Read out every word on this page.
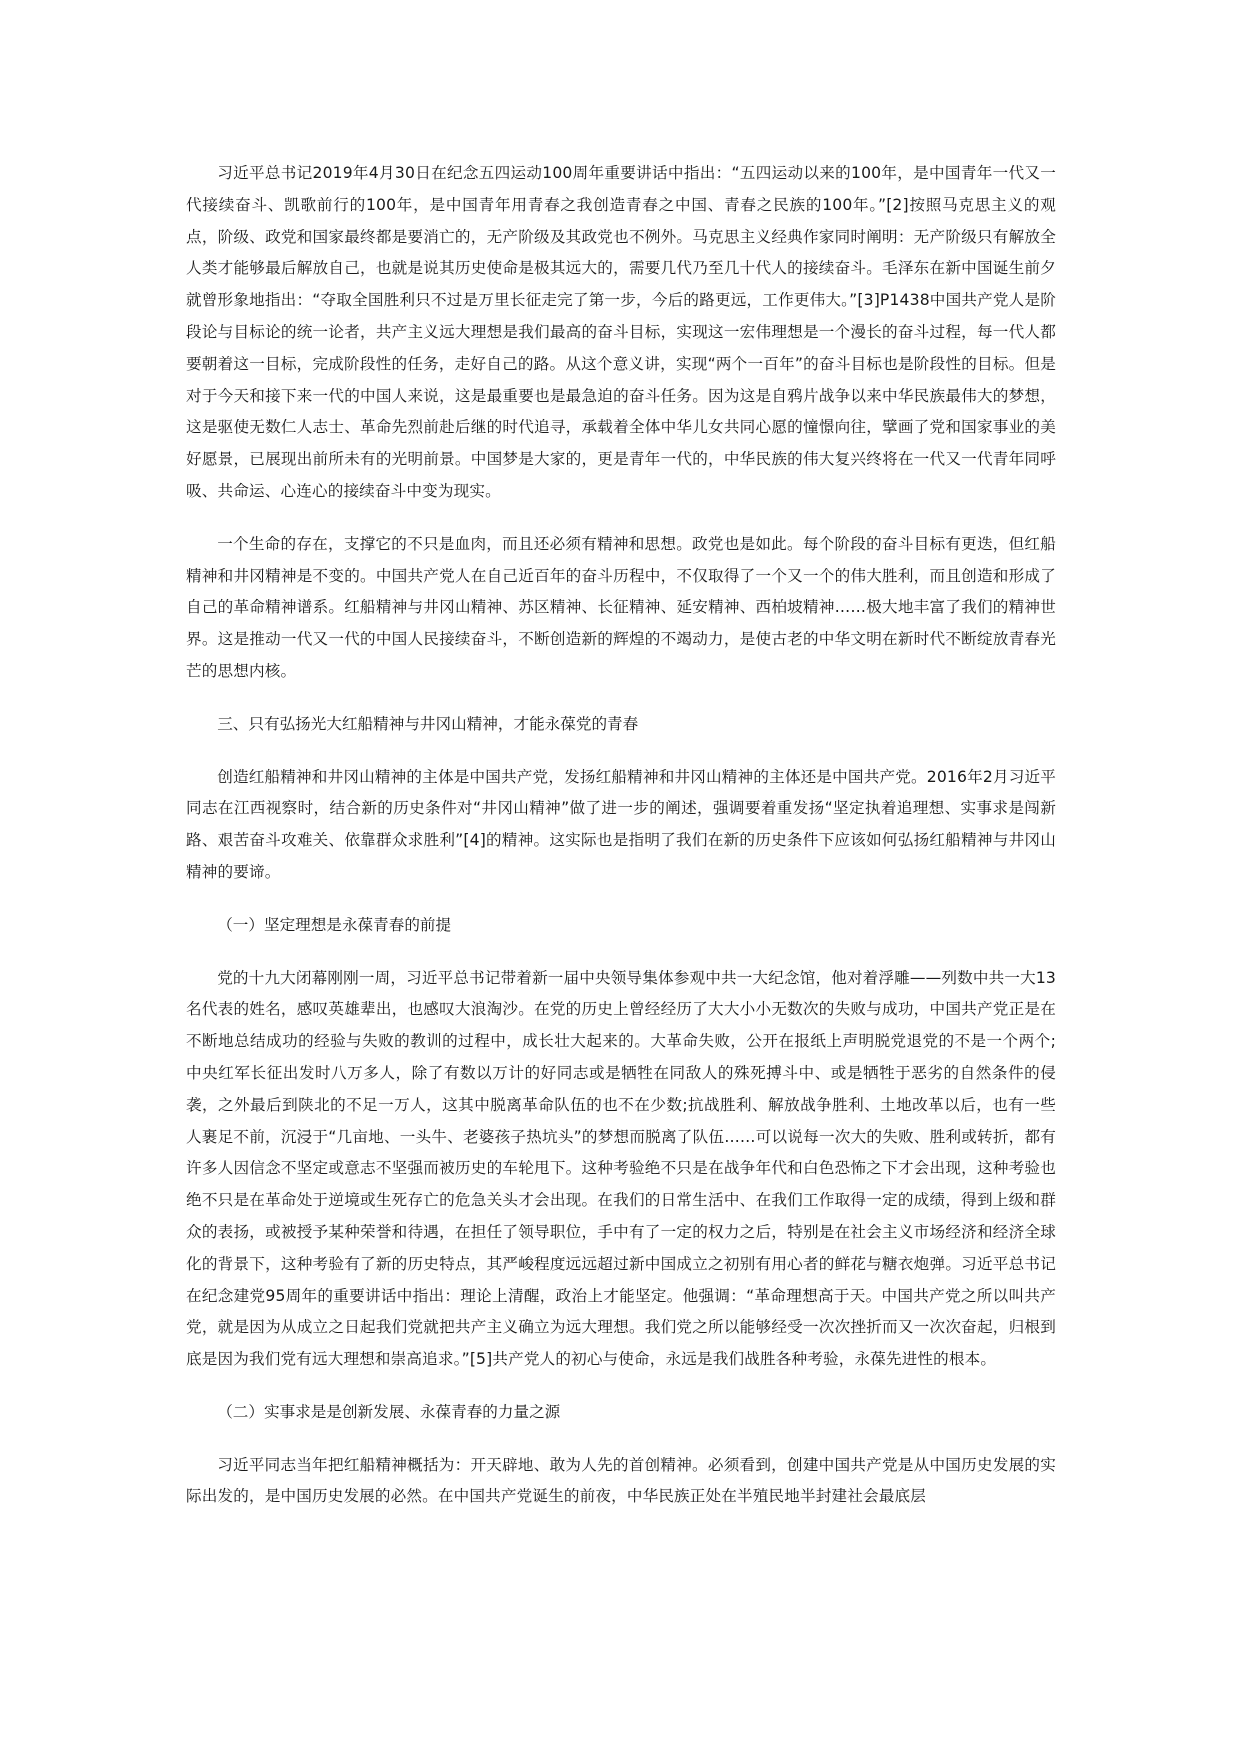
习近平总书记2019年4月30日在纪念五四运动100周年重要讲话中指出：“五四运动以来的100年，是中国青年一代又一代接续奋斗、凯歌前行的100年，是中国青年用青春之我创造青春之中国、青春之民族的100年。”[2]按照马克思主义的观点，阶级、政党和国家最终都是要消亡的，无产阶级及其政党也不例外。马克思主义经典作家同时阐明：无产阶级只有解放全人类才能够最后解放自己，也就是说其历史使命是极其远大的，需要几代乃至几十代人的接续奋斗。毛泽东在新中国诞生前夕就曾形象地指出：“夺取全国胜利只不过是万里长征走完了第一步，今后的路更远，工作更伟大。”[3]P1438中国共产党人是阶段论与目标论的统一论者，共产主义远大理想是我们最高的奋斗目标，实现这一宏伟理想是一个漫长的奋斗过程，每一代人都要朝着这一目标，完成阶段性的任务，走好自己的路。从这个意义讲，实现“两个一百年”的奋斗目标也是阶段性的目标。但是对于今天和接下来一代的中国人来说，这是最重要也是最急迫的奋斗任务。因为这是自鸦片战争以来中华民族最伟大的梦想，这是驱使无数仁人志士、革命先烈前赴后继的时代追寻，承载着全体中华儿女共同心愿的憧憬向往，擘画了党和国家事业的美好愿景，已展现出前所未有的光明前景。中国梦是大家的，更是青年一代的，中华民族的伟大复兴终将在一代又一代青年同呼吸、共命运、心连心的接续奋斗中变为现实。

一个生命的存在，支撑它的不只是血肉，而且还必须有精神和思想。政党也是如此。每个阶段的奋斗目标有更迭，但红船精神和井冈精神是不变的。中国共产党人在自己近百年的奋斗历程中，不仅取得了一个又一个的伟大胜利，而且创造和形成了自己的革命精神谱系。红船精神与井冈山精神、苏区精神、长征精神、延安精神、西柏坡精神……极大地丰富了我们的精神世界。这是推动一代又一代的中国人民接续奋斗，不断创造新的辉煌的不竭动力，是使古老的中华文明在新时代不断绽放青春光芒的思想内核。

三、只有弘扬光大红船精神与井冈山精神，才能永葆党的青春

创造红船精神和井冈山精神的主体是中国共产党，发扬红船精神和井冈山精神的主体还是中国共产党。2016年2月习近平同志在江西视察时，结合新的历史条件对“井冈山精神”做了进一步的阐述，强调要着重发扬“坚定执着追理想、实事求是闯新路、艰苦奋斗攻难关、依靠群众求胜利”[4]的精神。这实际也是指明了我们在新的历史条件下应该如何弘扬红船精神与井冈山精神的要谛。

（一）坚定理想是永葆青春的前提

党的十九大闭幕刚刚一周，习近平总书记带着新一届中央领导集体参观中共一大纪念馆，他对着浮雕——列数中共一大13名代表的姓名，感叹英雄辈出，也感叹大浪淘沙。在党的历史上曾经经历了大大小小无数次的失败与成功，中国共产党正是在不断地总结成功的经验与失败的教训的过程中，成长壮大起来的。大革命失败，公开在报纸上声明脱党退党的不是一个两个;中央红军长征出发时八万多人，除了有数以万计的好同志或是牺牲在同敌人的殊死搏斗中、或是牺牲于恶劣的自然条件的侵袭，之外最后到陕北的不足一万人，这其中脱离革命队伍的也不在少数;抗战胜利、解放战争胜利、土地改革以后，也有一些人裹足不前，沉浸于“几亩地、一头牛、老婆孩子热坑头”的梦想而脱离了队伍……可以说每一次大的失败、胜利或转折，都有许多人因信念不坚定或意志不坚强而被历史的车轮甩下。这种考验绝不只是在战争年代和白色恐怖之下才会出现，这种考验也绝不只是在革命处于逆境或生死存亡的危急关头才会出现。在我们的日常生活中、在我们工作取得一定的成绩，得到上级和群众的表扬，或被授予某种荣誉和待遇，在担任了领导职位，手中有了一定的权力之后，特别是在社会主义市场经济和经济全球化的背景下，这种考验有了新的历史特点，其严峻程度远远超过新中国成立之初别有用心者的鲜花与糖衣炮弹。习近平总书记在纪念建党95周年的重要讲话中指出：理论上清醒，政治上才能坚定。他强调：“革命理想高于天。中国共产党之所以叫共产党，就是因为从成立之日起我们党就把共产主义确立为远大理想。我们党之所以能够经受一次次挫折而又一次次奋起，归根到底是因为我们党有远大理想和崇高追求。”[5]共产党人的初心与使命，永远是我们战胜各种考验，永葆先进性的根本。

（二）实事求是是创新发展、永葆青春的力量之源

习近平同志当年把红船精神概括为：开天辟地、敢为人先的首创精神。必须看到，创建中国共产党是从中国历史发展的实际出发的，是中国历史发展的必然。在中国共产党诞生的前夜，中华民族正处在半殖民地半封建社会最底层
